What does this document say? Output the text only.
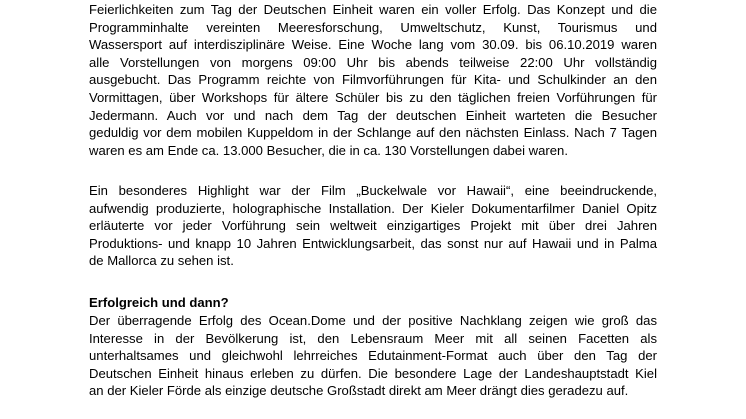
Feierlichkeiten zum Tag der Deutschen Einheit waren ein voller Erfolg. Das Konzept und die
Programminhalte vereinten Meeresforschung, Umweltschutz, Kunst, Tourismus und
Wassersport auf interdisziplinäre Weise. Eine Woche lang vom 30.09. bis 06.10.2019 waren
alle Vorstellungen von morgens 09:00 Uhr bis abends teilweise 22:00 Uhr vollständig
ausgebucht. Das Programm reichte von Filmvorführungen für Kita- und Schulkinder an den
Vormittagen, über Workshops für ältere Schüler bis zu den täglichen freien Vorführungen für
Jedermann. Auch vor und nach dem Tag der deutschen Einheit warteten die Besucher
geduldig vor dem mobilen Kuppeldom in der Schlange auf den nächsten Einlass. Nach 7 Tagen
waren es am Ende ca. 13.000 Besucher, die in ca. 130 Vorstellungen dabei waren.
Ein besonderes Highlight war der Film „Buckelwale vor Hawaii“, eine beeindruckende,
aufwendig produzierte, holographische Installation. Der Kieler Dokumentarfilmer Daniel Opitz
erläuterte vor jeder Vorführung sein weltweit einzigartiges Projekt mit über drei Jahren
Produktions- und knapp 10 Jahren Entwicklungsarbeit, das sonst nur auf Hawaii und in Palma
de Mallorca zu sehen ist.
Erfolgreich und dann?
Der überragende Erfolg des Ocean.Dome und der positive Nachklang zeigen wie groß das
Interesse in der Bevölkerung ist, den Lebensraum Meer mit all seinen Facetten als
unterhaltsames und gleichwohl lehrreiches Edutainment-Format auch über den Tag der
Deutschen Einheit hinaus erleben zu dürfen. Die besondere Lage der Landeshauptstadt Kiel
an der Kieler Förde als einzige deutsche Großstadt direkt am Meer drängt dies geradezu auf.
